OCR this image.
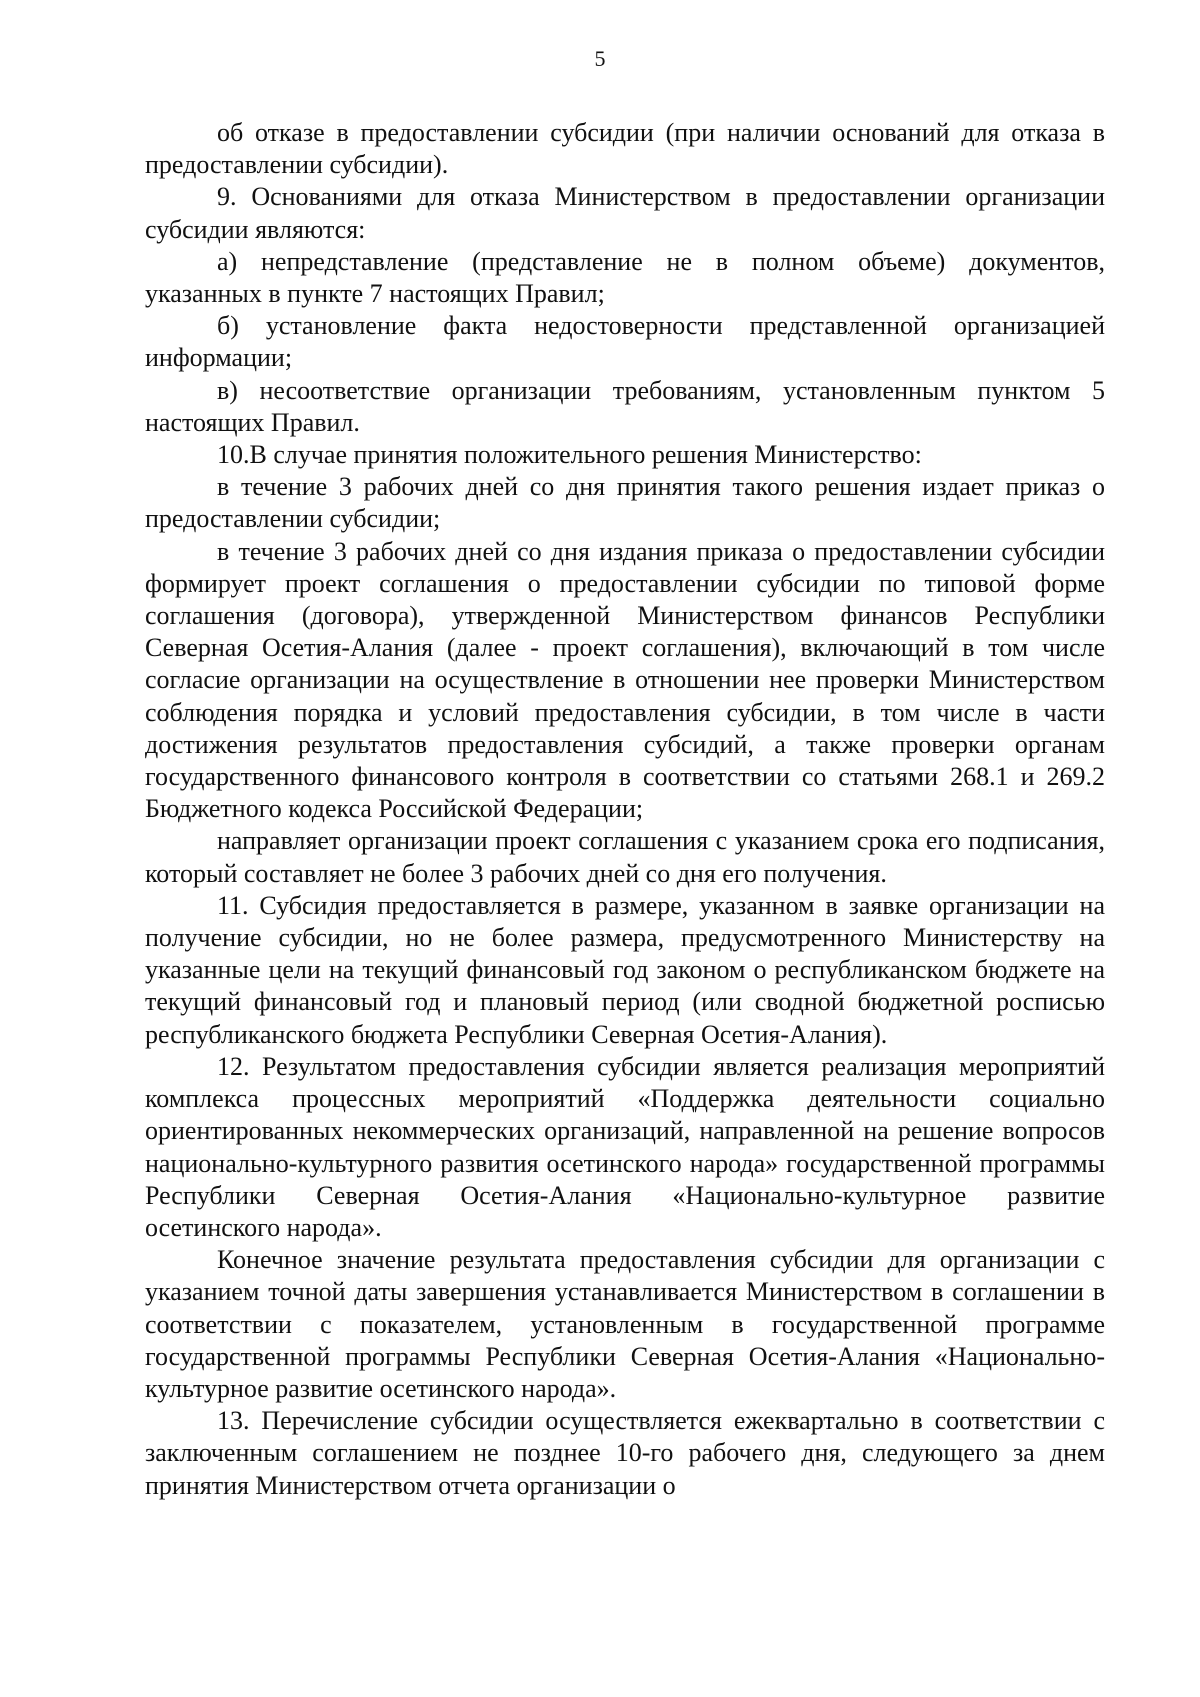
5

об отказе в предоставлении субсидии (при наличии оснований для отказа в предоставлении субсидии).

9. Основаниями для отказа Министерством в предоставлении организации субсидии являются:

а) непредставление (представление не в полном объеме) документов, указанных в пункте 7 настоящих Правил;

б) установление факта недостоверности представленной организацией информации;

в) несоответствие организации требованиям, установленным пунктом 5 настоящих Правил.

10.В случае принятия положительного решения Министерство:

в течение 3 рабочих дней со дня принятия такого решения издает приказ о предоставлении субсидии;

в течение 3 рабочих дней со дня издания приказа о предоставлении субсидии формирует проект соглашения о предоставлении субсидии по типовой форме соглашения (договора), утвержденной Министерством финансов Республики Северная Осетия-Алания (далее - проект соглашения), включающий в том числе согласие организации на осуществление в отношении нее проверки Министерством соблюдения порядка и условий предоставления субсидии, в том числе в части достижения результатов предоставления субсидий, а также проверки органам государственного финансового контроля в соответствии со статьями 268.1 и 269.2 Бюджетного кодекса Российской Федерации;

направляет организации проект соглашения с указанием срока его подписания, который составляет не более 3 рабочих дней со дня его получения.

11. Субсидия предоставляется в размере, указанном в заявке организации на получение субсидии, но не более размера, предусмотренного Министерству на указанные цели на текущий финансовый год законом о республиканском бюджете на текущий финансовый год и плановый период (или сводной бюджетной росписью республиканского бюджета Республики Северная Осетия-Алания).

12. Результатом предоставления субсидии является реализация мероприятий комплекса процессных мероприятий «Поддержка деятельности социально ориентированных некоммерческих организаций, направленной на решение вопросов национально-культурного развития осетинского народа» государственной программы Республики Северная Осетия-Алания «Национально-культурное развитие осетинского народа».

Конечное значение результата предоставления субсидии для организации с указанием точной даты завершения устанавливается Министерством в соглашении в соответствии с показателем, установленным в государственной программе государственной программы Республики Северная Осетия-Алания «Национально-культурное развитие осетинского народа».

13. Перечисление субсидии осуществляется ежеквартально в соответствии с заключенным соглашением не позднее 10-го рабочего дня, следующего за днем принятия Министерством отчета организации о
